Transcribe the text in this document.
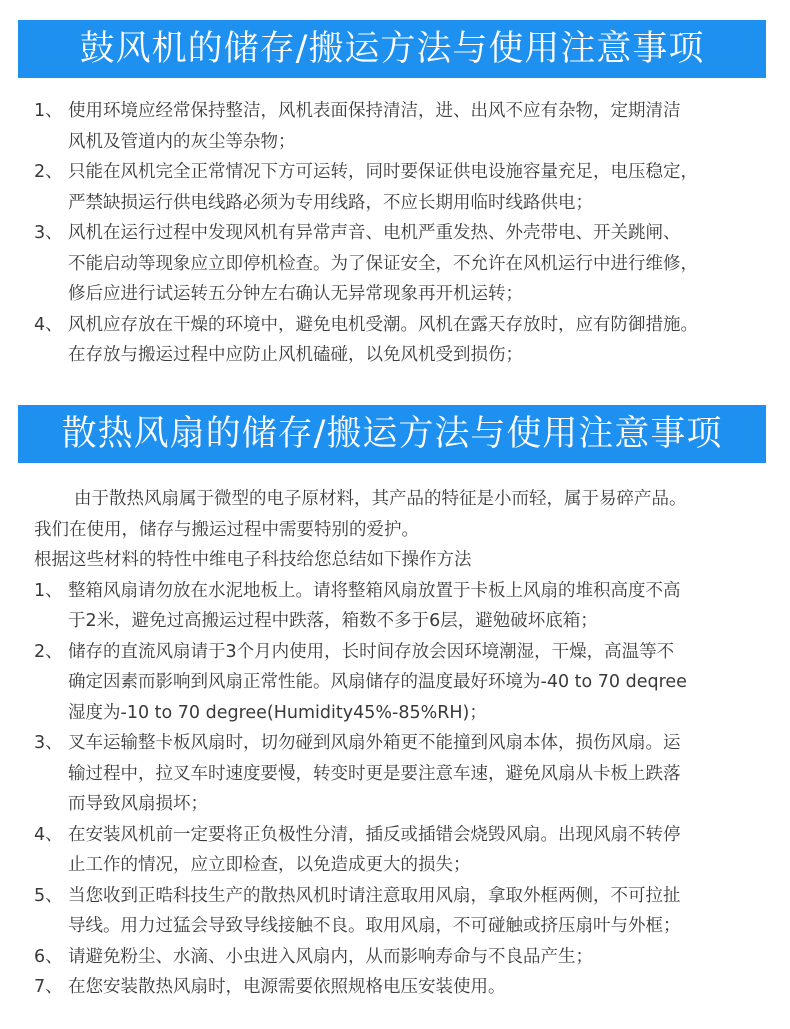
鼓风机的储存/搬运方法与使用注意事项
1、 使用环境应经常保持整洁，风机表面保持清洁，进、出风不应有杂物，定期清洁
风机及管道内的灰尘等杂物；
2、 只能在风机完全正常情况下方可运转，同时要保证供电设施容量充足，电压稳定，
严禁缺损运行供电线路必须为专用线路，不应长期用临时线路供电；
3、 风机在运行过程中发现风机有异常声音、电机严重发热、外壳带电、开关跳闸、
不能启动等现象应立即停机检查。为了保证安全，不允许在风机运行中进行维修，
修后应进行试运转五分钟左右确认无异常现象再开机运转；
4、 风机应存放在干燥的环境中，避免电机受潮。风机在露天存放时，应有防御措施。
在存放与搬运过程中应防止风机磕碰，以免风机受到损伤；
散热风扇的储存/搬运方法与使用注意事项
由于散热风扇属于微型的电子原材料，其产品的特征是小而轻，属于易碎产品。
我们在使用，储存与搬运过程中需要特别的爱护。
根据这些材料的特性中维电子科技给您总结如下操作方法
1、 整箱风扇请勿放在水泥地板上。请将整箱风扇放置于卡板上风扇的堆积高度不高
于2米，避免过高搬运过程中跌落，箱数不多于6层，避勉破坏底箱；
2、 储存的直流风扇请于3个月内使用，长时间存放会因环境潮湿，干燥，高温等不
确定因素而影响到风扇正常性能。风扇储存的温度最好环境为-40 to 70 deqree
湿度为-10 to 70 degree(Humidity45%-85%RH)；
3、 叉车运输整卡板风扇时，切勿碰到风扇外箱更不能撞到风扇本体，损伤风扇。运
输过程中，拉叉车时速度要慢，转变时更是要注意车速，避免风扇从卡板上跌落
而导致风扇损坏；
4、 在安装风机前一定要将正负极性分清，插反或插错会烧毁风扇。出现风扇不转停
止工作的情况，应立即检查，以免造成更大的损失；
5、 当您收到正晧科技生产的散热风机时请注意取用风扇，拿取外框两侧，不可拉扯
导线。用力过猛会导致导线接触不良。取用风扇，不可碰触或挤压扇叶与外框；
6、 请避免粉尘、水滴、小虫进入风扇内，从而影响寿命与不良品产生；
7、 在您安装散热风扇时，电源需要依照规格电压安装使用。
